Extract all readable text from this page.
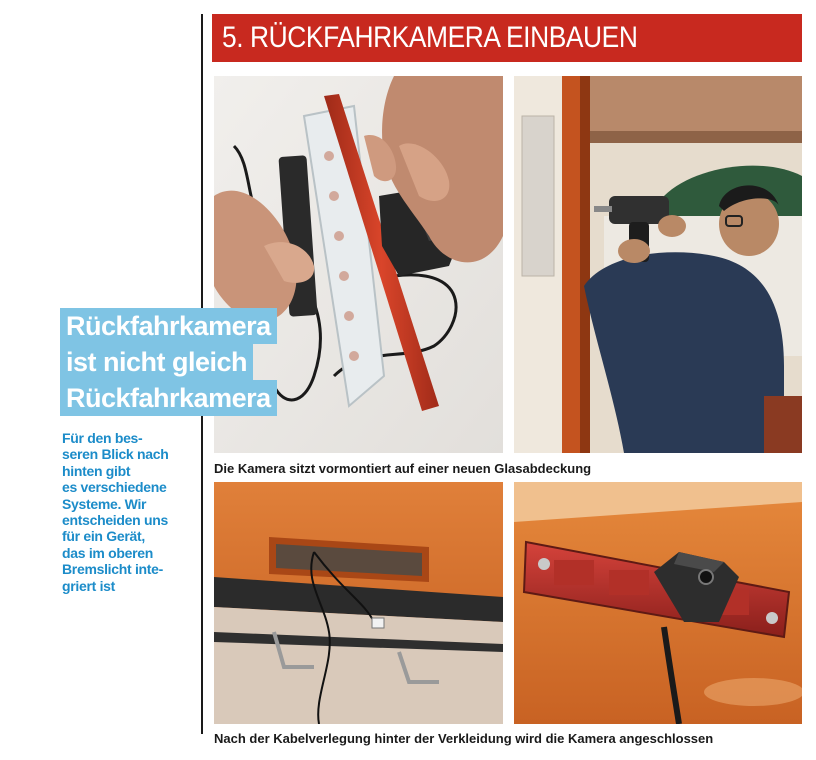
5. RÜCKFAHRKAMERA EINBAUEN
Die Kamera sitzt vormontiert auf einer neuen Glasabdeckung
Nach der Kabelverlegung hinter der Verkleidung wird die Kamera angeschlossen
Rückfahrkamera
ist nicht gleich
Rückfahrkamera
Für den bes-
seren Blick nach
hinten gibt
es verschiedene
Systeme. Wir
entscheiden uns
für ein Gerät,
das im oberen
Bremslicht inte-
griert ist
